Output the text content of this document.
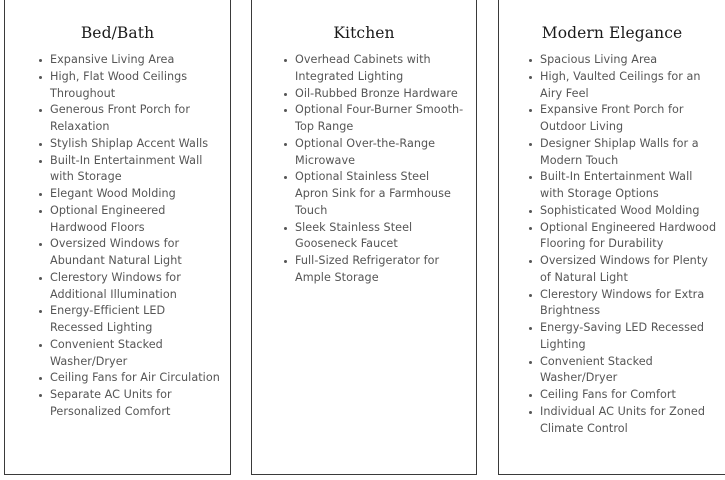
Bed/Bath
Expansive Living Area
High, Flat Wood Ceilings Throughout
Generous Front Porch for Relaxation
Stylish Shiplap Accent Walls
Built-In Entertainment Wall with Storage
Elegant Wood Molding
Optional Engineered Hardwood Floors
Oversized Windows for Abundant Natural Light
Clerestory Windows for Additional Illumination
Energy-Efficient LED Recessed Lighting
Convenient Stacked Washer/Dryer
Ceiling Fans for Air Circulation
Separate AC Units for Personalized Comfort
Kitchen
Overhead Cabinets with Integrated Lighting
Oil-Rubbed Bronze Hardware
Optional Four-Burner Smooth-Top Range
Optional Over-the-Range Microwave
Optional Stainless Steel Apron Sink for a Farmhouse Touch
Sleek Stainless Steel Gooseneck Faucet
Full-Sized Refrigerator for Ample Storage
Modern Elegance
Spacious Living Area
High, Vaulted Ceilings for an Airy Feel
Expansive Front Porch for Outdoor Living
Designer Shiplap Walls for a Modern Touch
Built-In Entertainment Wall with Storage Options
Sophisticated Wood Molding
Optional Engineered Hardwood Flooring for Durability
Oversized Windows for Plenty of Natural Light
Clerestory Windows for Extra Brightness
Energy-Saving LED Recessed Lighting
Convenient Stacked Washer/Dryer
Ceiling Fans for Comfort
Individual AC Units for Zoned Climate Control
